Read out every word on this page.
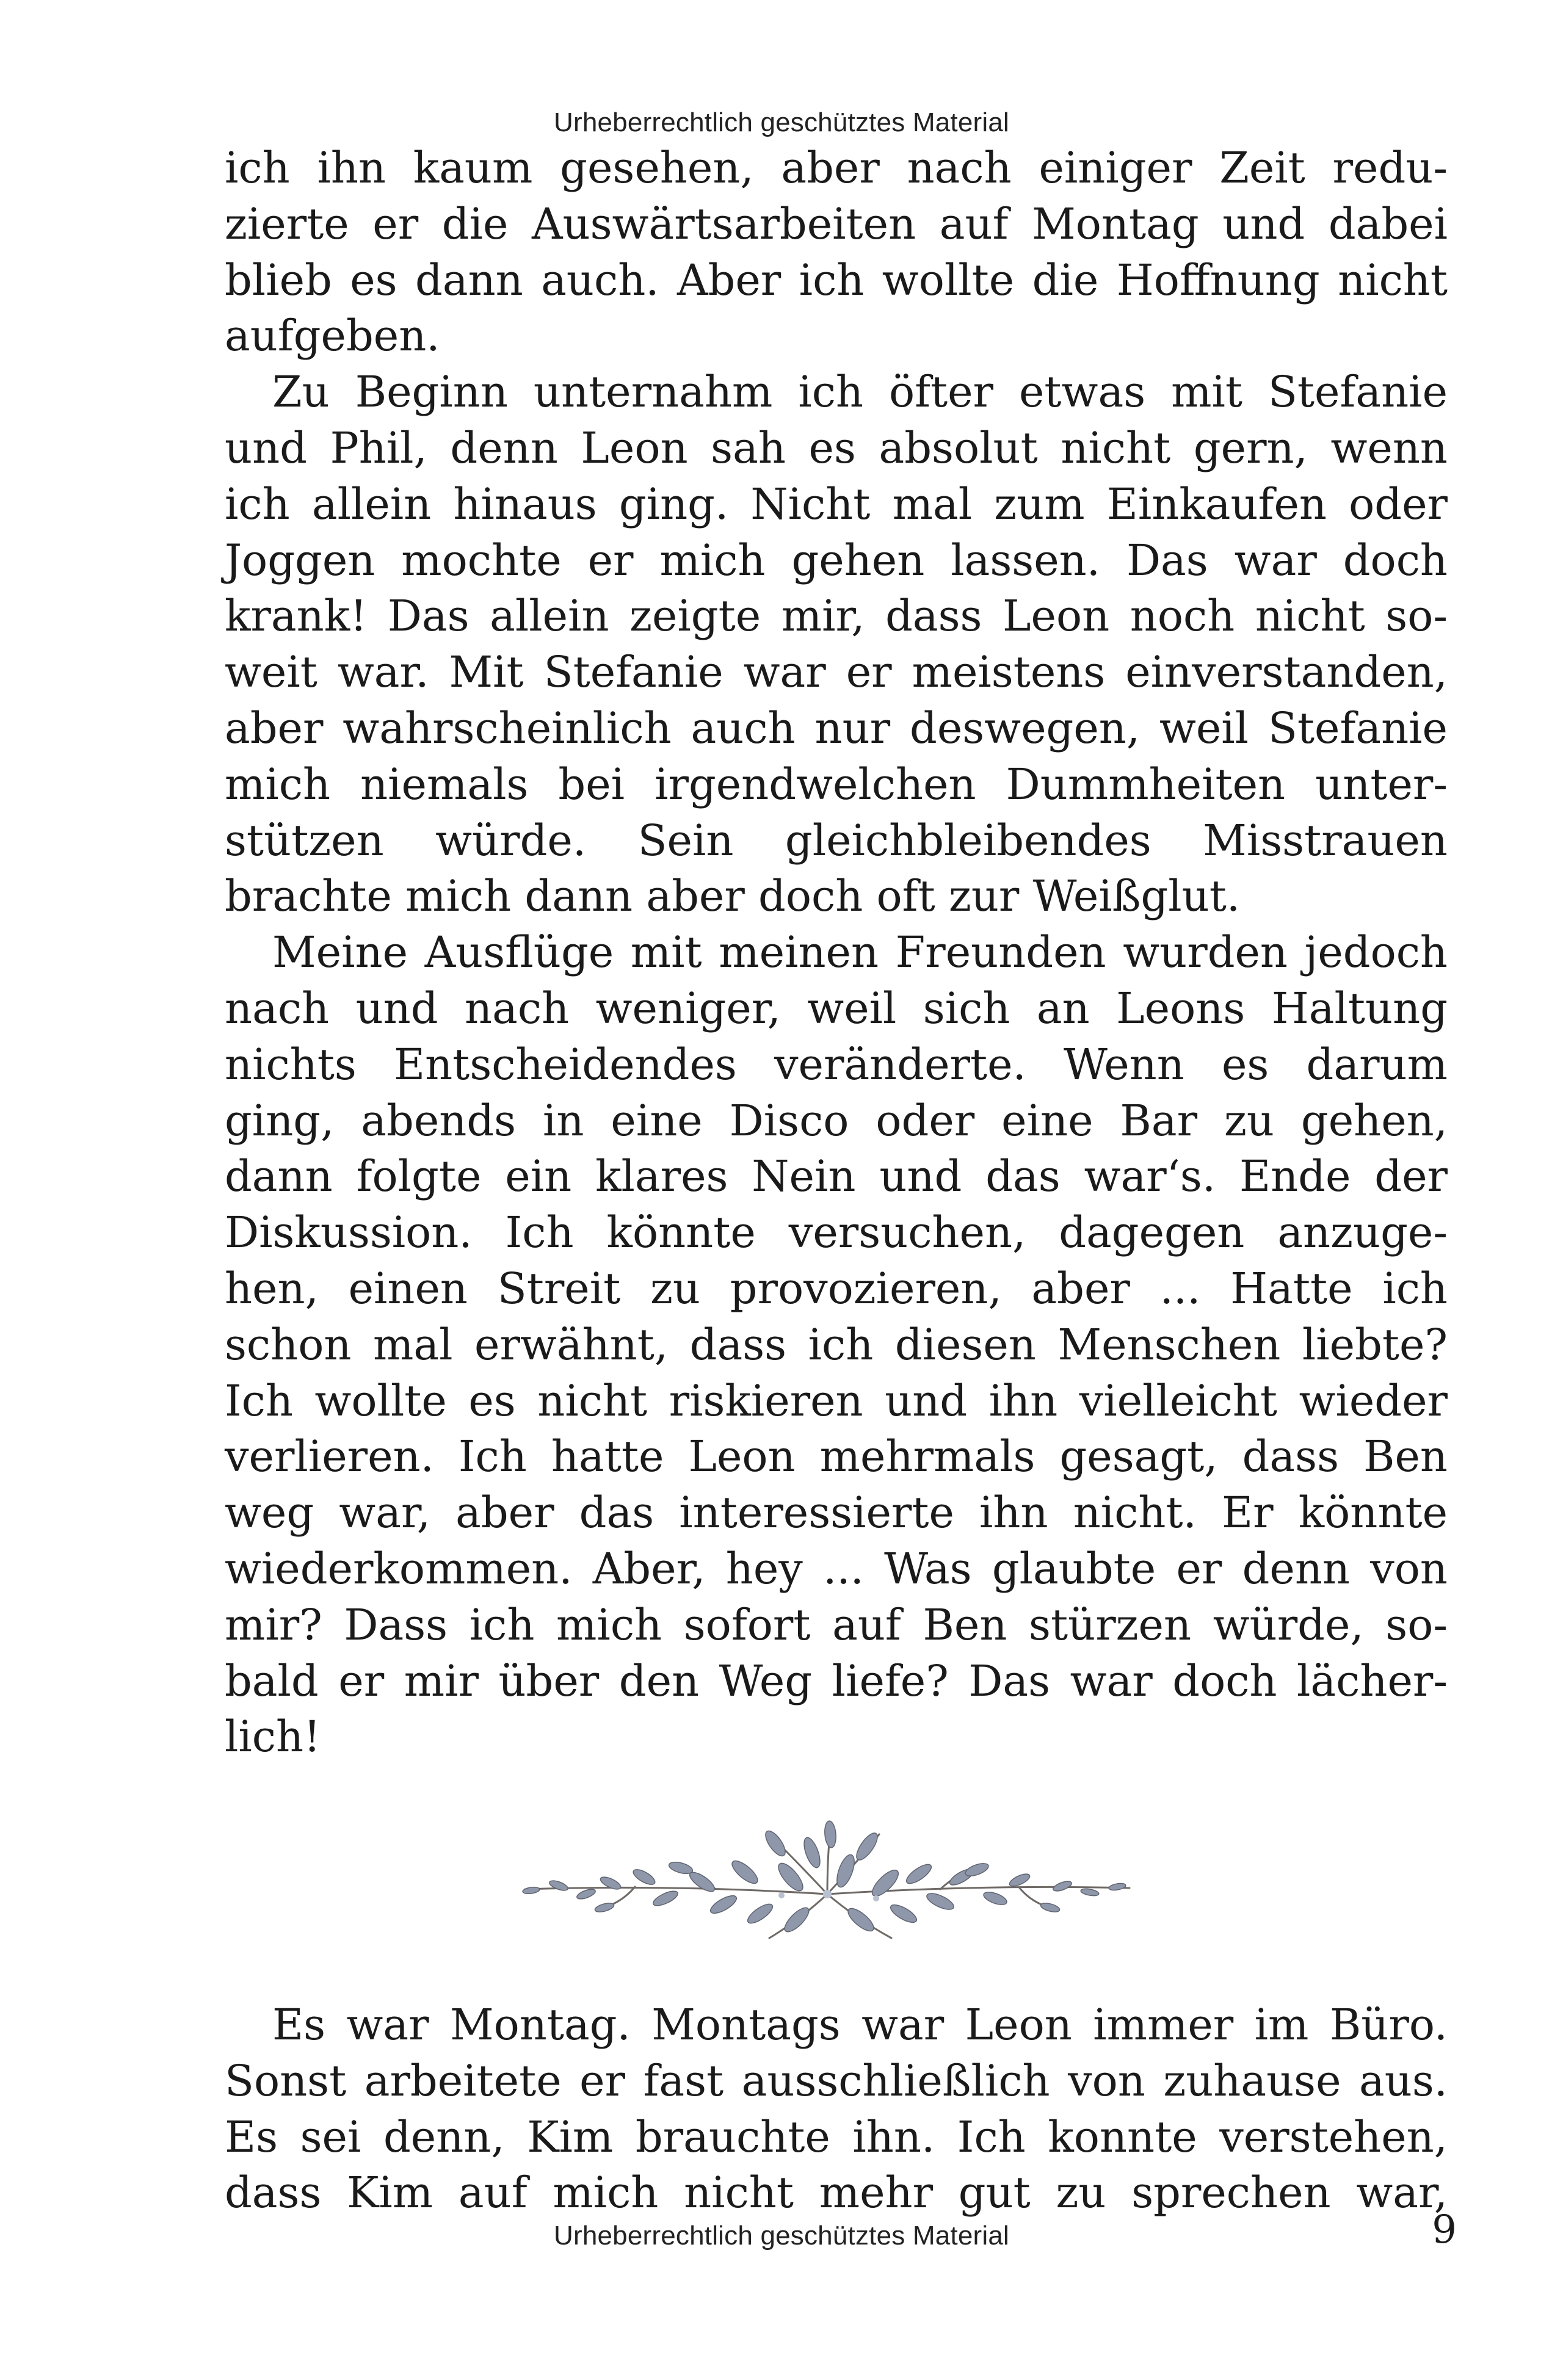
Urheberrechtlich geschütztes Material
ich ihn kaum gesehen, aber nach einiger Zeit redu-
zierte er die Auswärtsarbeiten auf Montag und dabei
blieb es dann auch. Aber ich wollte die Hoffnung nicht
aufgeben.
Zu Beginn unternahm ich öfter etwas mit Stefanie
und Phil, denn Leon sah es absolut nicht gern, wenn
ich allein hinaus ging. Nicht mal zum Einkaufen oder
Joggen mochte er mich gehen lassen. Das war doch
krank! Das allein zeigte mir, dass Leon noch nicht so-
weit war. Mit Stefanie war er meistens einverstanden,
aber wahrscheinlich auch nur deswegen, weil Stefanie
mich niemals bei irgendwelchen Dummheiten unter-
stützen würde. Sein gleichbleibendes Misstrauen
brachte mich dann aber doch oft zur Weißglut.
Meine Ausflüge mit meinen Freunden wurden jedoch
nach und nach weniger, weil sich an Leons Haltung
nichts Entscheidendes veränderte. Wenn es darum
ging, abends in eine Disco oder eine Bar zu gehen,
dann folgte ein klares Nein und das war‘s. Ende der
Diskussion. Ich könnte versuchen, dagegen anzuge-
hen, einen Streit zu provozieren, aber ... Hatte ich
schon mal erwähnt, dass ich diesen Menschen liebte?
Ich wollte es nicht riskieren und ihn vielleicht wieder
verlieren. Ich hatte Leon mehrmals gesagt, dass Ben
weg war, aber das interessierte ihn nicht. Er könnte
wiederkommen. Aber, hey ... Was glaubte er denn von
mir? Dass ich mich sofort auf Ben stürzen würde, so-
bald er mir über den Weg liefe? Das war doch lächer-
lich!
Es war Montag. Montags war Leon immer im Büro.
Sonst arbeitete er fast ausschließlich von zuhause aus.
Es sei denn, Kim brauchte ihn. Ich konnte verstehen,
dass Kim auf mich nicht mehr gut zu sprechen war,
Urheberrechtlich geschütztes Material	9
